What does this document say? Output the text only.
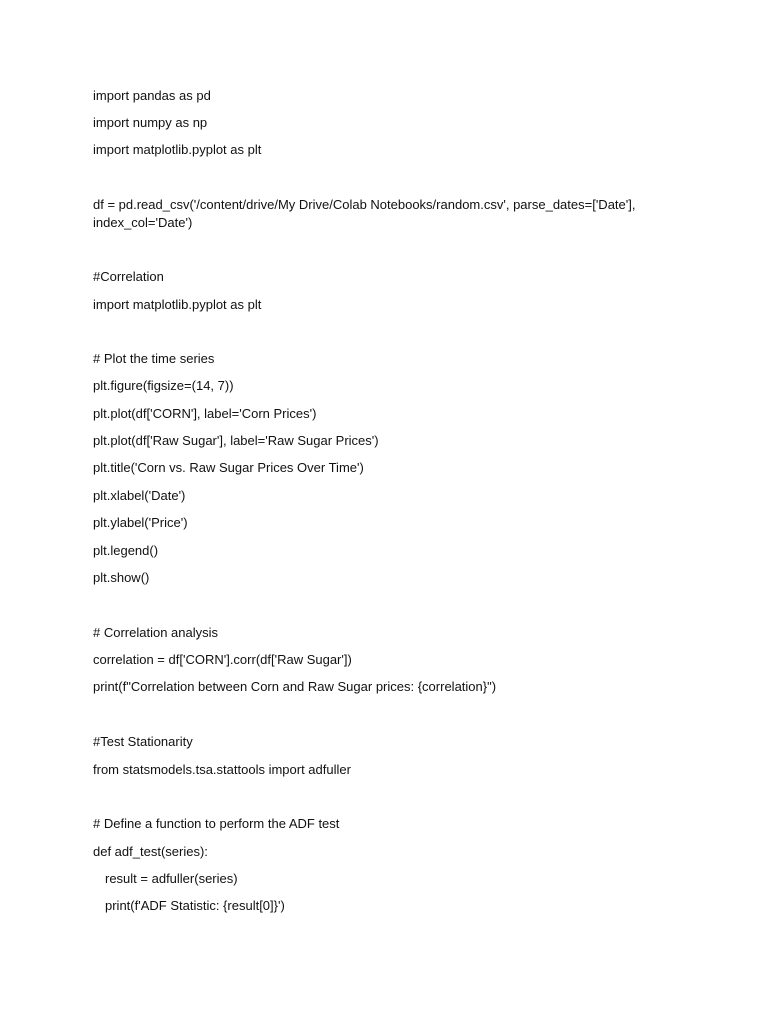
import pandas as pd
import numpy as np
import matplotlib.pyplot as plt
df = pd.read_csv('/content/drive/My Drive/Colab Notebooks/random.csv', parse_dates=['Date'],
index_col='Date')
#Correlation
import matplotlib.pyplot as plt
# Plot the time series
plt.figure(figsize=(14, 7))
plt.plot(df['CORN'], label='Corn Prices')
plt.plot(df['Raw Sugar'], label='Raw Sugar Prices')
plt.title('Corn vs. Raw Sugar Prices Over Time')
plt.xlabel('Date')
plt.ylabel('Price')
plt.legend()
plt.show()
# Correlation analysis
correlation = df['CORN'].corr(df['Raw Sugar'])
print(f"Correlation between Corn and Raw Sugar prices: {correlation}")
#Test Stationarity
from statsmodels.tsa.stattools import adfuller
# Define a function to perform the ADF test
def adf_test(series):
result = adfuller(series)
print(f'ADF Statistic: {result[0]}')
